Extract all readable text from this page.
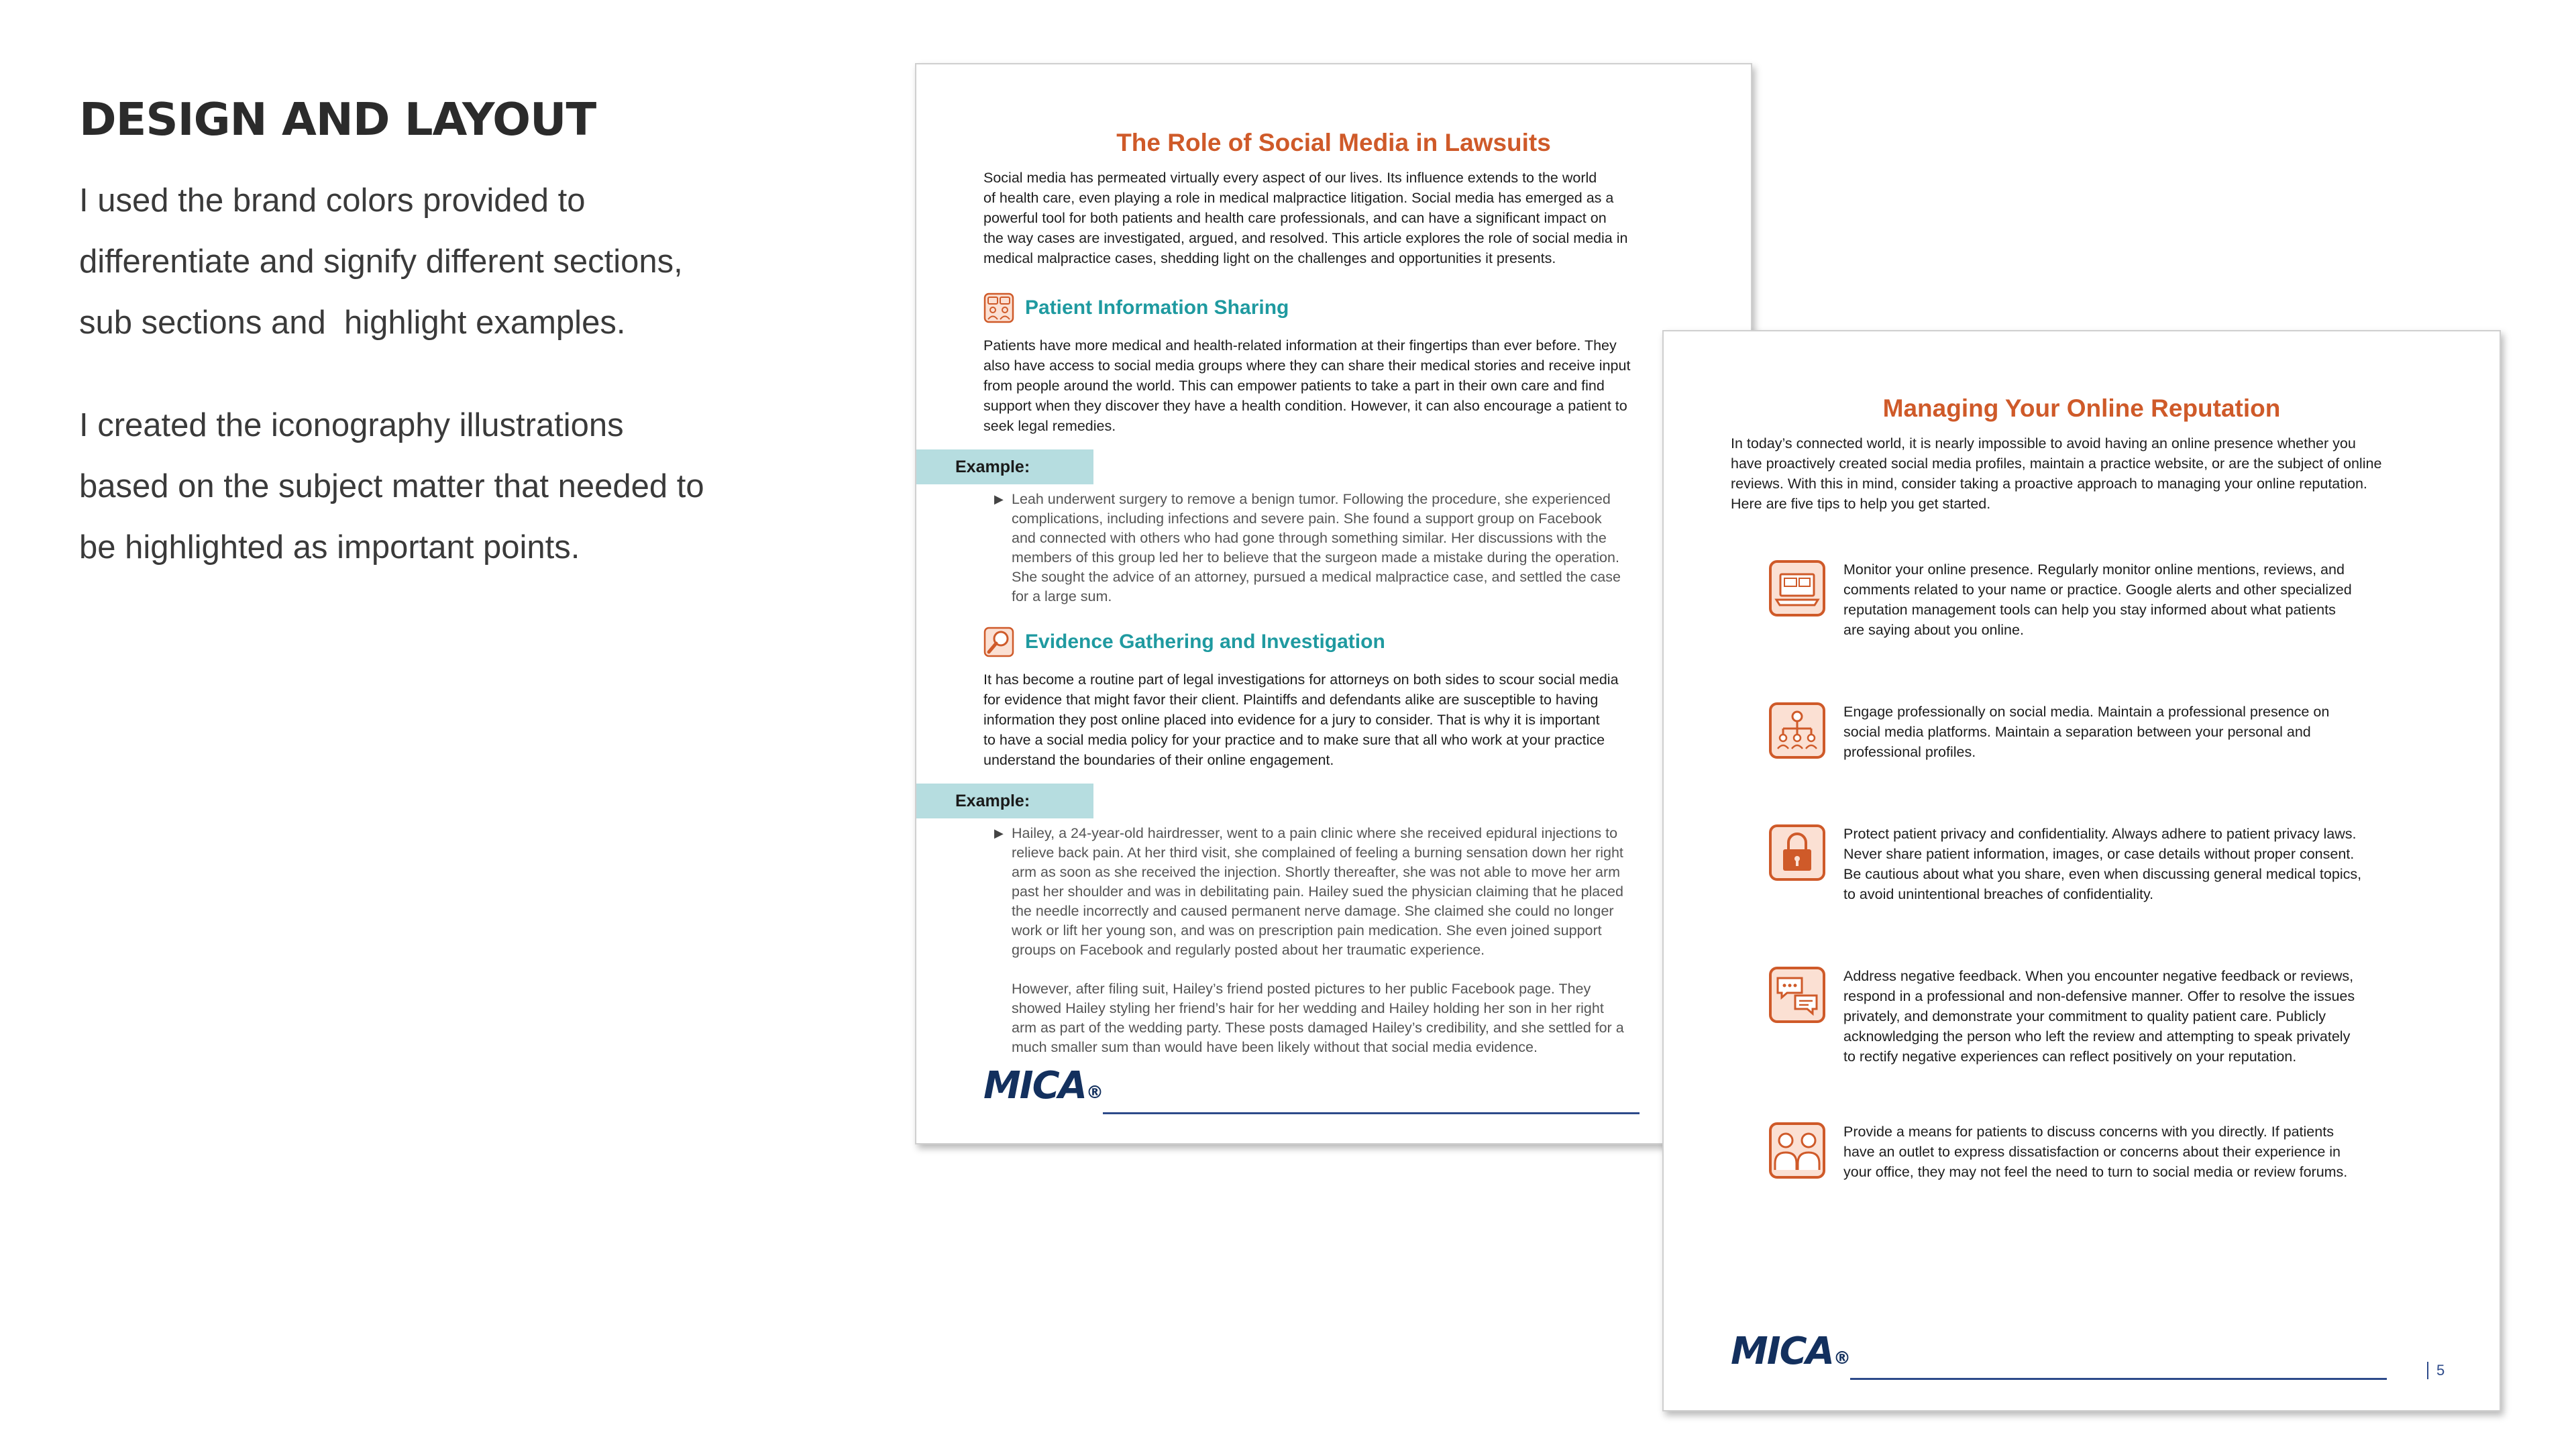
DESIGN AND LAYOUT

I used the brand colors provided to
differentiate and signify different sections,
sub sections and  highlight examples.

I created the iconography illustrations
based on the subject matter that needed to
be highlighted as important points.

The Role of Social Media in Lawsuits

Social media has permeated virtually every aspect of our lives. Its influence extends to the world
of health care, even playing a role in medical malpractice litigation. Social media has emerged as a
powerful tool for both patients and health care professionals, and can have a significant impact on
the way cases are investigated, argued, and resolved. This article explores the role of social media in
medical malpractice cases, shedding light on the challenges and opportunities it presents.

Patient Information Sharing

Patients have more medical and health-related information at their fingertips than ever before. They
also have access to social media groups where they can share their medical stories and receive input
from people around the world. This can empower patients to take a part in their own care and find
support when they discover they have a health condition. However, it can also encourage a patient to
seek legal remedies.

Example:
▶ Leah underwent surgery to remove a benign tumor. Following the procedure, she experienced
complications, including infections and severe pain. She found a support group on Facebook
and connected with others who had gone through something similar. Her discussions with the
members of this group led her to believe that the surgeon made a mistake during the operation.
She sought the advice of an attorney, pursued a medical malpractice case, and settled the case
for a large sum.

Evidence Gathering and Investigation

It has become a routine part of legal investigations for attorneys on both sides to scour social media
for evidence that might favor their client. Plaintiffs and defendants alike are susceptible to having
information they post online placed into evidence for a jury to consider. That is why it is important
to have a social media policy for your practice and to make sure that all who work at your practice
understand the boundaries of their online engagement.

Example:
▶ Hailey, a 24-year-old hairdresser, went to a pain clinic where she received epidural injections to
relieve back pain. At her third visit, she complained of feeling a burning sensation down her right
arm as soon as she received the injection. Shortly thereafter, she was not able to move her arm
past her shoulder and was in debilitating pain. Hailey sued the physician claiming that he placed
the needle incorrectly and caused permanent nerve damage. She claimed she could no longer
work or lift her young son, and was on prescription pain medication. She even joined support
groups on Facebook and regularly posted about her traumatic experience.

However, after filing suit, Hailey’s friend posted pictures to her public Facebook page. They
showed Hailey styling her friend’s hair for her wedding and Hailey holding her son in her right
arm as part of the wedding party. These posts damaged Hailey’s credibility, and she settled for a
much smaller sum than would have been likely without that social media evidence.

MICA®
Managing Your Online Reputation

In today’s connected world, it is nearly impossible to avoid having an online presence whether you
have proactively created social media profiles, maintain a practice website, or are the subject of online
reviews. With this in mind, consider taking a proactive approach to managing your online reputation.
Here are five tips to help you get started.

Monitor your online presence. Regularly monitor online mentions, reviews, and
comments related to your name or practice. Google alerts and other specialized
reputation management tools can help you stay informed about what patients
are saying about you online.

Engage professionally on social media. Maintain a professional presence on
social media platforms. Maintain a separation between your personal and
professional profiles.

Protect patient privacy and confidentiality. Always adhere to patient privacy laws.
Never share patient information, images, or case details without proper consent.
Be cautious about what you share, even when discussing general medical topics,
to avoid unintentional breaches of confidentiality.

Address negative feedback. When you encounter negative feedback or reviews,
respond in a professional and non-defensive manner. Offer to resolve the issues
privately, and demonstrate your commitment to quality patient care. Publicly
acknowledging the person who left the review and attempting to speak privately
to rectify negative experiences can reflect positively on your reputation.

Provide a means for patients to discuss concerns with you directly. If patients
have an outlet to express dissatisfaction or concerns about their experience in
your office, they may not feel the need to turn to social media or review forums.

MICA®
5
